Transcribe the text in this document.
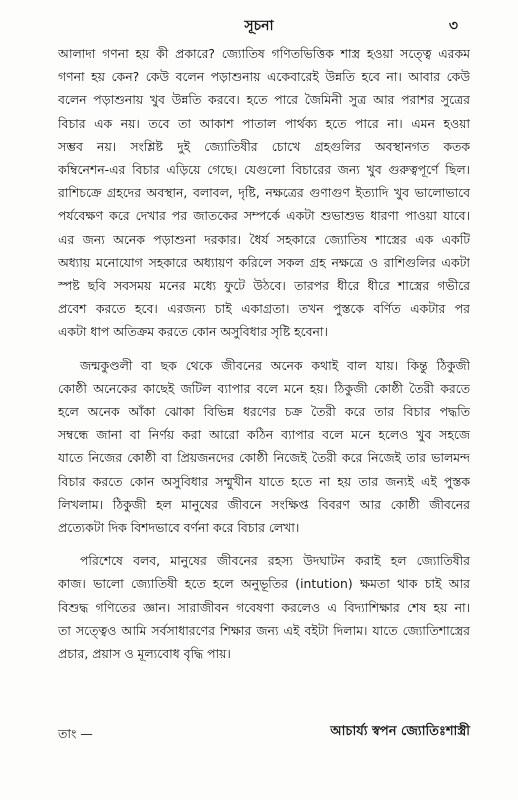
সূচনা	৩

আলাদা গণনা হয় কী প্রকারে? জ্যোতিষ গণিতভিত্তিক শাস্ত্র হওয়া সত্ত্বে এরকম
গণনা হয় কেন? কেউ বলেন পড়াশুনায় একেবারেই উন্নতি হবে না। আবার কেউ
বলেন পড়াশুনায় খুব উন্নতি করবে। হতে পারে জৈমিনী সুত্র আর পরাশর সুত্রের
বিচার এক নয়। তবে তা আকাশ পাতাল পার্থক্য হতে পারে না। এমন হওয়া
সম্ভব নয়। সংশ্লিষ্ট দুই জ্যোতিষীর চোখে গ্রহগুলির অবস্থানগত কতক
কম্বিনেশন-এর বিচার এড়িয়ে গেছে। যেগুলো বিচারের জন্য খুব গুরুত্বপূর্ণে ছিল।
রাশিচক্রে গ্রহদের অবস্থান, বলাবল, দৃষ্টি, নক্ষত্রের গুণাগুণ ইত্যাদি খুব ভালোভাবে
পর্যবেক্ষণ করে দেখার পর জাতকের সম্পর্কে একটা শুভাশুভ ধারণা পাওয়া যাবে।
এর জন্য অনেক পড়াশুনা দরকার। ধৈর্য সহকারে জ্যোতিষ শাস্ত্রের এক একটি
অধ্যায় মনোযোগ সহকারে অধ্যায়ণ করিলে সকল গ্রহ নক্ষত্রে ও রাশিগুলির একটা
স্পষ্ট ছবি সবসময় মনের মধ্যে ফুটে উঠবে। তারপর ধীরে ধীরে শাস্ত্রের গভীরে
প্রবেশ করতে হবে। এরজন্য চাই একাগ্রতা। তখন পুস্তকে বর্ণিত একটার পর
একটা ধাপ অতিক্রম করতে কোন অসুবিধার সৃষ্টি হবেনা।

জন্মকুণ্ডলী বা ছক থেকে জীবনের অনেক কথাই বাল যায়। কিন্তু ঠিকুজী
কোষ্ঠী অনেকের কাছেই জটিল ব্যাপার বলে মনে হয়। ঠিকুজী কোষ্ঠী তৈরী করতে
হলে অনেক আঁকা ঝোকা বিভিন্ন ধরণের চক্র তৈরী করে তার বিচার পদ্ধতি
সম্বন্ধে জানা বা নির্ণয় করা আরো কঠিন ব্যাপার বলে মনে হলেও খুব সহজে
যাতে নিজের কোষ্ঠী বা প্রিয়জনদের কোষ্ঠী নিজেই তৈরী করে নিজেই তার ভালমন্দ
বিচার করতে কোন অসুবিধার সম্মুখীন যাতে হতে না হয় তার জন্যই এই পুস্তক
লিখলাম। ঠিকুজী হল মানুষের জীবনে সংক্ষিপ্ত বিবরণ আর কোষ্ঠী জীবনের
প্রত্যেকটা দিক বিশদভাবে বর্ণনা করে বিচার লেখা।

পরিশেষে বলব, মানুষের জীবনের রহস্য উদঘাটন করাই হল জ্যোতিষীর
কাজ। ভালো জ্যোতিষী হতে হলে অনুভূতির (intution) ক্ষমতা থাক চাই আর
বিশুদ্ধ গণিতের জ্ঞান। সারাজীবন গবেষণা করলেও এ বিদ্যাশিক্ষার শেষ হয় না।
তা সত্ত্বেও আমি সর্বসাধারণের শিক্ষার জন্য এই বইটা দিলাম। যাতে জ্যোতিশাস্ত্রের
প্রচার, প্রয়াস ও মূল্যবোধ বৃদ্ধি পায়।

তাং —	আচার্য্য স্বপন জ্যোতিঃশাস্ত্রী
